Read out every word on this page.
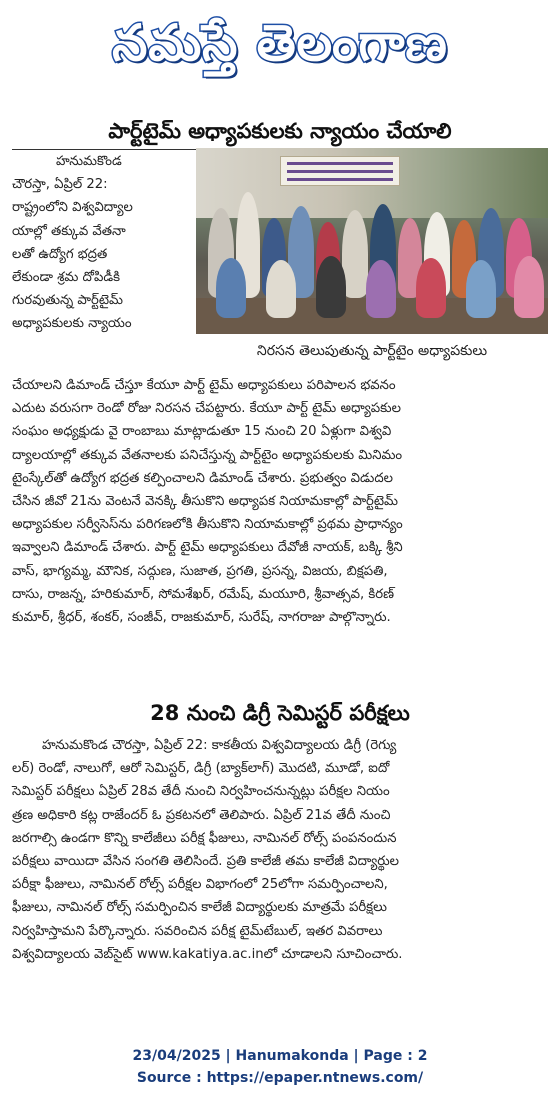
నమస్తే తెలంగాణ
పార్ట్‌టైమ్ అధ్యాపకులకు న్యాయం చేయాలి

హనుమకొండ

చౌరస్తా, ఏప్రిల్ 22:

రాష్ట్రంలోని విశ్వవిద్యాల

యాల్లో తక్కువ వేతనా

లతో ఉద్యోగ భద్రత

లేకుండా శ్రమ దోపిడీకి

గురవుతున్న పార్ట్‌టైమ్

అధ్యాపకులకు న్యాయం

నిరసన తెలుపుతున్న పార్ట్‌టైం అధ్యాపకులు

చేయాలని డిమాండ్ చేస్తూ కేయూ పార్ట్ టైమ్ అధ్యాపకులు పరిపాలన భవనం

ఎదుట వరుసగా రెండో రోజు నిరసన చేపట్టారు. కేయూ పార్ట్ టైమ్ అధ్యాపకుల

సంఘం అధ్యక్షుడు వై రాంబాబు మాట్లాడుతూ 15 నుంచి 20 ఏళ్లుగా విశ్వవి

ద్యాలయాల్లో తక్కువ వేతనాలకు పనిచేస్తున్న పార్ట్‌టైం అధ్యాపకులకు మినిమం

టైంస్కేల్‌తో ఉద్యోగ భద్రత కల్పించాలని డిమాండ్ చేశారు. ప్రభుత్వం విడుదల

చేసిన జీవో 21ను వెంటనే వెనక్కి తీసుకొని అధ్యాపక నియామకాల్లో పార్ట్‌టైమ్

అధ్యాపకుల సర్వీసెస్‌ను పరిగణలోకి తీసుకొని నియామకాల్లో ప్రథమ ప్రాధాన్యం

ఇవ్వాలని డిమాండ్ చేశారు. పార్ట్ టైమ్ అధ్యాపకులు దేవోజీ నాయక్, బక్కి శ్రీని

వాస్, భాగ్యమ్మ, మౌనిక, సద్గుణ, సుజాత, ప్రగతి, ప్రసన్న, విజయ, బిక్షపతి,

దాసు, రాజన్న, హరికుమార్, సోమశేఖర్, రమేష్, మయూరి, శ్రీవాత్సవ, కిరణ్

కుమార్, శ్రీధర్, శంకర్, సంజీవ్, రాజకుమార్, సురేష్, నాగరాజు పాల్గొన్నారు.

28 నుంచి డిగ్రీ సెమిస్టర్ పరీక్షలు

హనుమకొండ చౌరస్తా, ఏప్రిల్ 22: కాకతీయ విశ్వవిద్యాలయ డిగ్రీ (రెగ్యు

లర్) రెండో, నాలుగో, ఆరో సెమిస్టర్, డిగ్రీ (బ్యాక్‌లాగ్) మొదటి, మూడో, ఐదో

సెమిస్టర్ పరీక్షలు ఏప్రిల్ 28వ తేదీ నుంచి నిర్వహించనున్నట్లు పరీక్షల నియం

త్రణ అధికారి కట్ల రాజేందర్ ఓ ప్రకటనలో తెలిపారు. ఏప్రిల్ 21వ తేదీ నుంచి

జరగాల్సి ఉండగా కొన్ని కాలేజీలు పరీక్ష ఫీజులు, నామినల్ రోల్స్ పంపనందున

పరీక్షలు వాయిదా వేసిన సంగతి తెలిసిందే. ప్రతి కాలేజీ తమ కాలేజీ విద్యార్థుల

పరీక్షా ఫీజులు, నామినల్ రోల్స్ పరీక్షల విభాగంలో 25లోగా సమర్పించాలని,

ఫీజులు, నామినల్ రోల్స్ సమర్పించిన కాలేజీ విద్యార్థులకు మాత్రమే పరీక్షలు

నిర్వహిస్తామని పేర్కొన్నారు. సవరించిన పరీక్ష టైమ్‌టేబుల్, ఇతర వివరాలు

విశ్వవిద్యాలయ వెబ్‌సైట్ www.kakatiya.ac.inలో చూడాలని సూచించారు.

23/04/2025 | Hanumakonda | Page : 2
Source : https://epaper.ntnews.com/
